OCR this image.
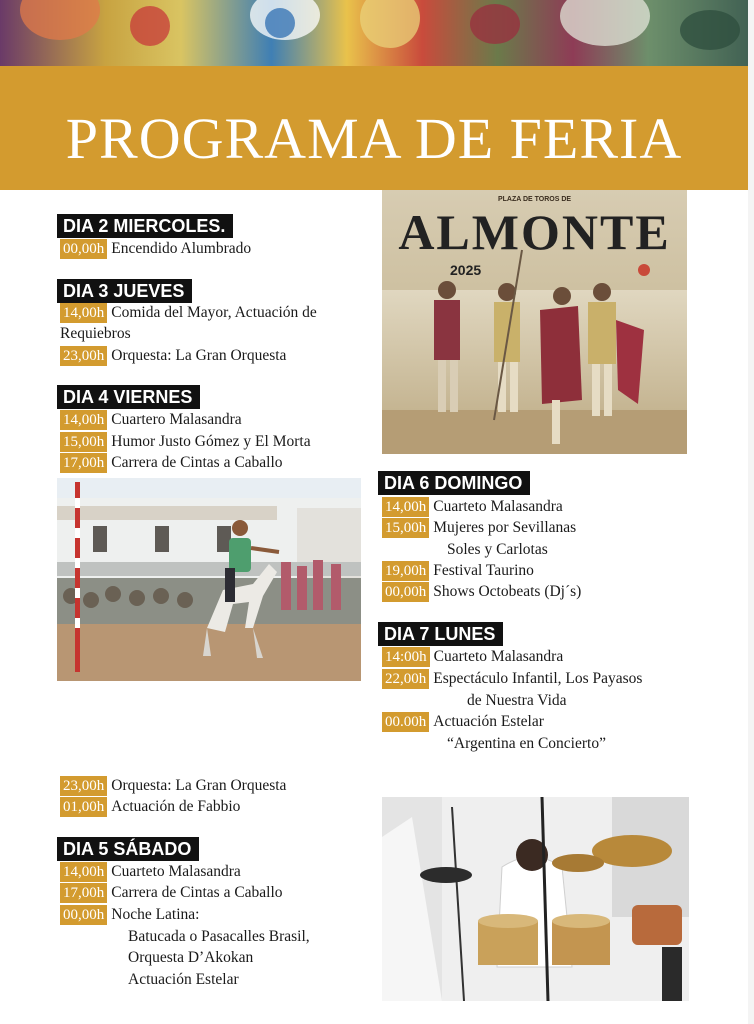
PROGRAMA DE FERIA
DIA 2 MIERCOLES.
00,00h Encendido Alumbrado
DIA 3 JUEVES
14,00h Comida del Mayor, Actuación de
Requiebros
23,00h Orquesta: La Gran Orquesta
DIA 4 VIERNES
14,00h Cuartero Malasandra
15,00h Humor Justo Gómez y El Morta
17,00h Carrera de Cintas a Caballo
23,00h Orquesta: La Gran Orquesta
01,00h Actuación de Fabbio
DIA 5 SÁBADO
14,00h Cuarteto Malasandra
17,00h Carrera de Cintas a Caballo
00,00h Noche Latina:
Batucada o Pasacalles Brasil,
Orquesta D’Akokan
Actuación Estelar
PLAZA DE TOROS DE
ALMONTE
2025
DIA 6 DOMINGO
14,00h Cuarteto Malasandra
15,00h Mujeres por Sevillanas
Soles y Carlotas
19,00h Festival Taurino
00,00h Shows Octobeats (Dj´s)
DIA 7 LUNES
14:00h Cuarteto Malasandra
22,00h Espectáculo Infantil, Los Payasos
de Nuestra Vida
00.00h Actuación Estelar
“Argentina en Concierto”
